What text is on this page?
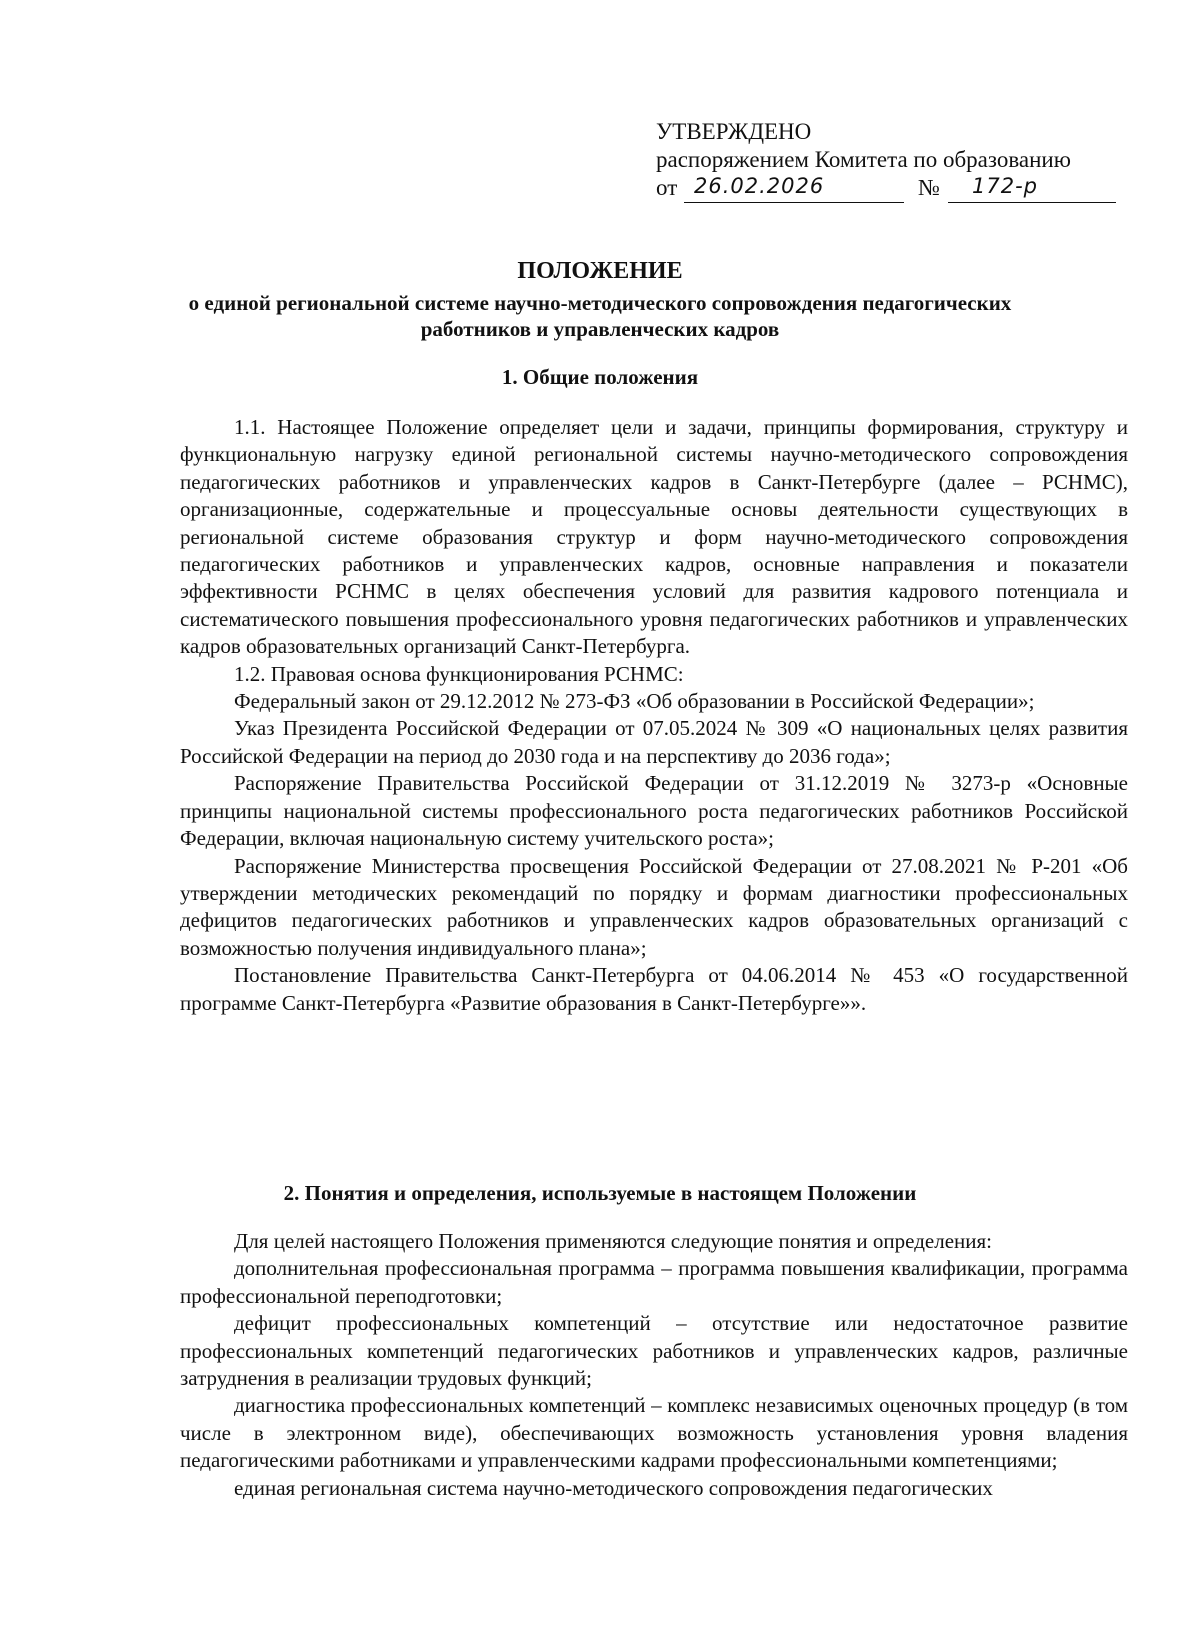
УТВЕРЖДЕНО
распоряжением Комитета по образованию
от 26.02.2026	№ 172-р
ПОЛОЖЕНИЕ
о единой региональной системе научно-методического сопровождения педагогических работников и управленческих кадров
1. Общие положения

1.1. Настоящее Положение определяет цели и задачи, принципы формирования, структуру и функциональную нагрузку единой региональной системы научно-методического сопровождения педагогических работников и управленческих кадров в Санкт-Петербурге (далее – РСНМС), организационные, содержательные и процессуальные основы деятельности существующих в региональной системе образования структур и форм научно-методического сопровождения педагогических работников и управленческих кадров, основные направления и показатели эффективности РСНМС в целях обеспечения условий для развития кадрового потенциала и систематического повышения профессионального уровня педагогических работников и управленческих кадров образовательных организаций Санкт-Петербурга.

1.2. Правовая основа функционирования РСНМС:

Федеральный закон от 29.12.2012 № 273-ФЗ «Об образовании в Российской Федерации»;

Указ Президента Российской Федерации от 07.05.2024 № 309 «О национальных целях развития Российской Федерации на период до 2030 года и на перспективу до 2036 года»;

Распоряжение Правительства Российской Федерации от 31.12.2019 № 3273-р «Основные принципы национальной системы профессионального роста педагогических работников Российской Федерации, включая национальную систему учительского роста»;

Распоряжение Министерства просвещения Российской Федерации от 27.08.2021 № Р-201 «Об утверждении методических рекомендаций по порядку и формам диагностики профессиональных дефицитов педагогических работников и управленческих кадров образовательных организаций с возможностью получения индивидуального плана»;

Постановление Правительства Санкт-Петербурга от 04.06.2014 № 453 «О государственной программе Санкт-Петербурга «Развитие образования в Санкт-Петербурге»».

2. Понятия и определения, используемые в настоящем Положении

Для целей настоящего Положения применяются следующие понятия и определения:

дополнительная профессиональная программа – программа повышения квалификации, программа профессиональной переподготовки;

дефицит профессиональных компетенций – отсутствие или недостаточное развитие профессиональных компетенций педагогических работников и управленческих кадров, различные затруднения в реализации трудовых функций;

диагностика профессиональных компетенций – комплекс независимых оценочных процедур (в том числе в электронном виде), обеспечивающих возможность установления уровня владения педагогическими работниками и управленческими кадрами профессиональными компетенциями;

единая региональная система научно-методического сопровождения педагогических
